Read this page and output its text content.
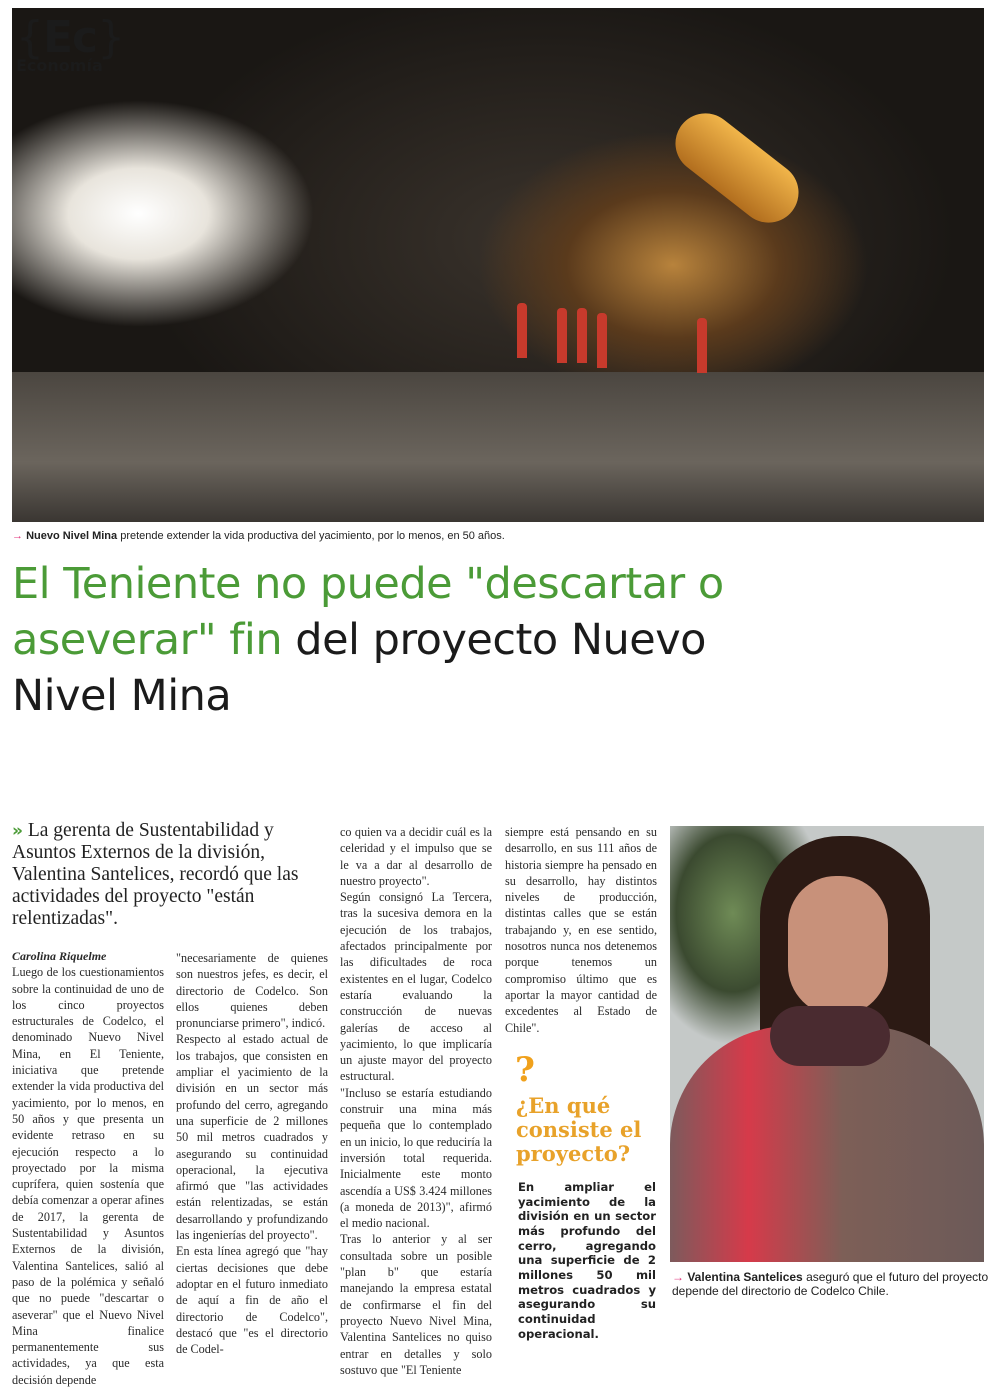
{Ec}
Economía
→ Nuevo Nivel Mina pretende extender la vida productiva del yacimiento, por lo menos, en 50 años.
El Teniente no puede "descartar o aseverar" fin del proyecto Nuevo Nivel Mina
» La gerenta de Sustentabilidad y Asuntos Externos de la división, Valentina Santelices, recordó que las actividades del proyecto "están relentizadas".

Carolina Riquelme

Luego de los cuestionamientos sobre la continuidad de uno de los cinco proyectos estructurales de Codelco, el denominado Nuevo Nivel Mina, en El Teniente, iniciativa que pretende extender la vida productiva del yacimiento, por lo menos, en 50 años y que presenta un evidente retraso en su ejecución respecto a lo proyectado por la misma cuprífera, quien sostenía que debía comenzar a operar afines de 2017, la gerenta de Sustentabilidad y Asuntos Externos de la división, Valentina Santelices, salió al paso de la polémica y señaló que no puede "descartar o aseverar" que el Nuevo Nivel Mina finalice permanentemente sus actividades, ya que esta decisión depende

"necesariamente de quienes son nuestros jefes, es decir, el directorio de Codelco. Son ellos quienes deben pronunciarse primero", indicó.

Respecto al estado actual de los trabajos, que consisten en ampliar el yacimiento de la división en un sector más profundo del cerro, agregando una superficie de 2 millones 50 mil metros cuadrados y asegurando su continuidad operacional, la ejecutiva afirmó que "las actividades están relentizadas, se están desarrollando y profundizando las ingenierías del proyecto".

En esta línea agregó que "hay ciertas decisiones que debe adoptar en el futuro inmediato de aquí a fin de año el directorio de Codelco", destacó que "es el directorio de Codel-

co quien va a decidir cuál es la celeridad y el impulso que se le va a dar al desarrollo de nuestro proyecto".

Según consignó La Tercera, tras la sucesiva demora en la ejecución de los trabajos, afectados principalmente por las dificultades de roca existentes en el lugar, Codelco estaría evaluando la construcción de nuevas galerías de acceso al yacimiento, lo que implicaría un ajuste mayor del proyecto estructural.

"Incluso se estaría estudiando construir una mina más pequeña que lo contemplado en un inicio, lo que reduciría la inversión total requerida. Inicialmente este monto ascendía a US$ 3.424 millones (a moneda de 2013)", afirmó el medio nacional.

Tras lo anterior y al ser consultada sobre un posible "plan b" que estaría manejando la empresa estatal de confirmarse el fin del proyecto Nuevo Nivel Mina, Valentina Santelices no quiso entrar en detalles y solo sostuvo que "El Teniente

siempre está pensando en su desarrollo, en sus 111 años de historia siempre ha pensado en su desarrollo, hay distintos niveles de producción, distintas calles que se están trabajando y, en ese sentido, nosotros nunca nos detenemos porque tenemos un compromiso último que es aportar la mayor cantidad de excedentes al Estado de Chile".

?
¿En qué consiste el proyecto?
En ampliar el yacimiento de la división en un sector más profundo del cerro, agregando una superficie de 2 millones 50 mil metros cuadrados y asegurando su continuidad operacional.
→ Valentina Santelices aseguró que el futuro del proyecto depende del directorio de Codelco Chile.
